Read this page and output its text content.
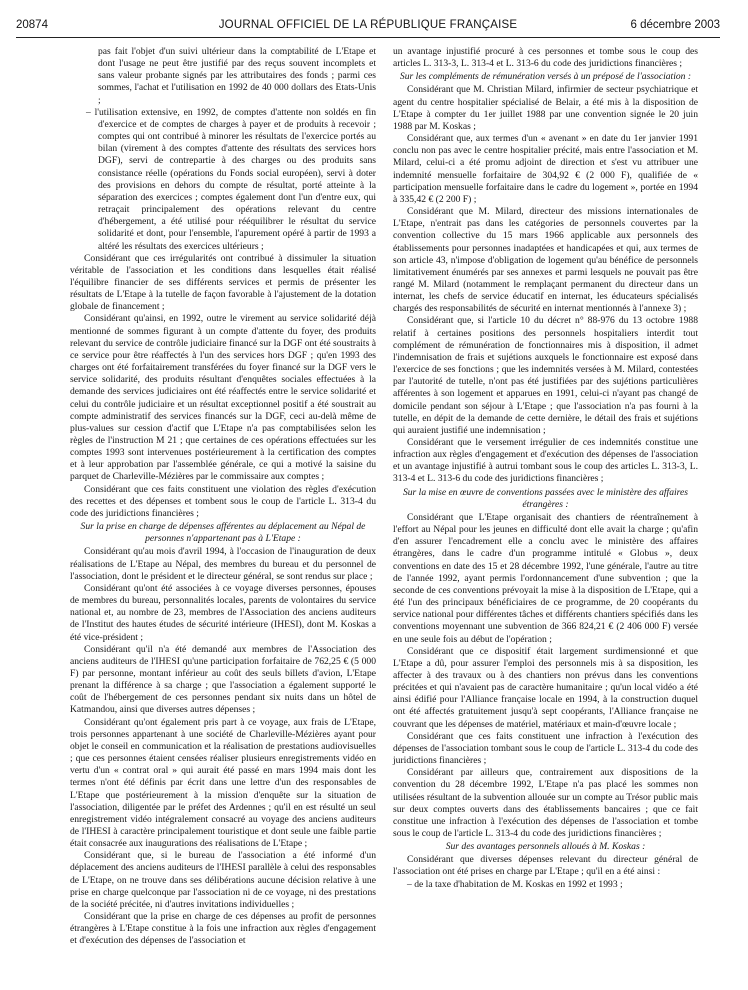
20874	JOURNAL OFFICIEL DE LA RÉPUBLIQUE FRANÇAISE	6 décembre 2003

pas fait l'objet d'un suivi ultérieur dans la comptabilité de L'Etape et dont l'usage ne peut être justifié par des reçus souvent incomplets et sans valeur probante signés par les attributaires des fonds ; parmi ces sommes, l'achat et l'utilisation en 1992 de 40 000 dollars des Etats-Unis ;

– l'utilisation extensive, en 1992, de comptes d'attente non soldés en fin d'exercice et de comptes de charges à payer et de produits à recevoir ; comptes qui ont contribué à minorer les résultats de l'exercice portés au bilan (virement à des comptes d'attente des résultats des services hors DGF), servi de contrepartie à des charges ou des produits sans consistance réelle (opérations du Fonds social européen), servi à doter des provisions en dehors du compte de résultat, porté atteinte à la séparation des exercices ; comptes également dont l'un d'entre eux, qui retraçait principalement des opérations relevant du centre d'hébergement, a été utilisé pour rééquilibrer le résultat du service solidarité et dont, pour l'ensemble, l'apurement opéré à partir de 1993 a altéré les résultats des exercices ultérieurs ;

Considérant que ces irrégularités ont contribué à dissimuler la situation véritable de l'association et les conditions dans lesquelles était réalisé l'équilibre financier de ses différents services et permis de présenter les résultats de L'Etape à la tutelle de façon favorable à l'ajustement de la dotation globale de financement ;

Considérant qu'ainsi, en 1992, outre le virement au service solidarité déjà mentionné de sommes figurant à un compte d'attente du foyer, des produits relevant du service de contrôle judiciaire financé sur la DGF ont été soustraits à ce service pour être réaffectés à l'un des services hors DGF ; qu'en 1993 des charges ont été forfaitairement transférées du foyer financé sur la DGF vers le service solidarité, des produits résultant d'enquêtes sociales effectuées à la demande des services judiciaires ont été réaffectés entre le service solidarité et celui du contrôle judiciaire et un résultat exceptionnel positif a été soustrait au compte administratif des services financés sur la DGF, ceci au-delà même de plus-values sur cession d'actif que L'Etape n'a pas comptabilisées selon les règles de l'instruction M 21 ; que certaines de ces opérations effectuées sur les comptes 1993 sont intervenues postérieurement à la certification des comptes et à leur approbation par l'assemblée générale, ce qui a motivé la saisine du parquet de Charleville-Mézières par le commissaire aux comptes ;

Considérant que ces faits constituent une violation des règles d'exécution des recettes et des dépenses et tombent sous le coup de l'article L. 313-4 du code des juridictions financières ;

Sur la prise en charge de dépenses afférentes au déplacement au Népal de personnes n'appartenant pas à L'Etape :

Considérant qu'au mois d'avril 1994, à l'occasion de l'inauguration de deux réalisations de L'Etape au Népal, des membres du bureau et du personnel de l'association, dont le président et le directeur général, se sont rendus sur place ;

Considérant qu'ont été associées à ce voyage diverses personnes, épouses de membres du bureau, personnalités locales, parents de volontaires du service national et, au nombre de 23, membres de l'Association des anciens auditeurs de l'Institut des hautes études de sécurité intérieure (IHESI), dont M. Koskas a été vice-président ;

Considérant qu'il n'a été demandé aux membres de l'Association des anciens auditeurs de l'IHESI qu'une participation forfaitaire de 762,25 € (5 000 F) par personne, montant inférieur au coût des seuls billets d'avion, L'Etape prenant la différence à sa charge ; que l'association a également supporté le coût de l'hébergement de ces personnes pendant six nuits dans un hôtel de Katmandou, ainsi que diverses autres dépenses ;

Considérant qu'ont également pris part à ce voyage, aux frais de L'Etape, trois personnes appartenant à une société de Charleville-Mézières ayant pour objet le conseil en communication et la réalisation de prestations audiovisuelles ; que ces personnes étaient censées réaliser plusieurs enregistrements vidéo en vertu d'un « contrat oral » qui aurait été passé en mars 1994 mais dont les termes n'ont été définis par écrit dans une lettre d'un des responsables de L'Etape que postérieurement à la mission d'enquête sur la situation de l'association, diligentée par le préfet des Ardennes ; qu'il en est résulté un seul enregistrement vidéo intégralement consacré au voyage des anciens auditeurs de l'IHESI à caractère principalement touristique et dont seule une faible partie était consacrée aux inaugurations des réalisations de L'Etape ;

Considérant que, si le bureau de l'association a été informé d'un déplacement des anciens auditeurs de l'IHESI parallèle à celui des responsables de L'Etape, on ne trouve dans ses délibérations aucune décision relative à une prise en charge quelconque par l'association ni de ce voyage, ni des prestations de la société précitée, ni d'autres invitations individuelles ;

Considérant que la prise en charge de ces dépenses au profit de personnes étrangères à L'Etape constitue à la fois une infraction aux règles d'engagement et d'exécution des dépenses de l'association et

un avantage injustifié procuré à ces personnes et tombe sous le coup des articles L. 313-3, L. 313-4 et L. 313-6 du code des juridictions financières ;

Sur les compléments de rémunération versés à un préposé de l'association :

Considérant que M. Christian Milard, infirmier de secteur psychiatrique et agent du centre hospitalier spécialisé de Belair, a été mis à la disposition de L'Etape à compter du 1er juillet 1988 par une convention signée le 20 juin 1988 par M. Koskas ;

Considérant que, aux termes d'un « avenant » en date du 1er janvier 1991 conclu non pas avec le centre hospitalier précité, mais entre l'association et M. Milard, celui-ci a été promu adjoint de direction et s'est vu attribuer une indemnité mensuelle forfaitaire de 304,92 € (2 000 F), qualifiée de « participation mensuelle forfaitaire dans le cadre du logement », portée en 1994 à 335,42 € (2 200 F) ;

Considérant que M. Milard, directeur des missions internationales de L'Etape, n'entrait pas dans les catégories de personnels couvertes par la convention collective du 15 mars 1966 applicable aux personnels des établissements pour personnes inadaptées et handicapées et qui, aux termes de son article 43, n'impose d'obligation de logement qu'au bénéfice de personnels limitativement énumérés par ses annexes et parmi lesquels ne pouvait pas être rangé M. Milard (notamment le remplaçant permanent du directeur dans un internat, les chefs de service éducatif en internat, les éducateurs spécialisés chargés des responsabilités de sécurité en internat mentionnés à l'annexe 3) ;

Considérant que, si l'article 10 du décret n° 88-976 du 13 octobre 1988 relatif à certaines positions des personnels hospitaliers interdit tout complément de rémunération de fonctionnaires mis à disposition, il admet l'indemnisation de frais et sujétions auxquels le fonctionnaire est exposé dans l'exercice de ses fonctions ; que les indemnités versées à M. Milard, contestées par l'autorité de tutelle, n'ont pas été justifiées par des sujétions particulières afférentes à son logement et apparues en 1991, celui-ci n'ayant pas changé de domicile pendant son séjour à L'Etape ; que l'association n'a pas fourni à la tutelle, en dépit de la demande de cette dernière, le détail des frais et sujétions qui auraient justifié une indemnisation ;

Considérant que le versement irrégulier de ces indemnités constitue une infraction aux règles d'engagement et d'exécution des dépenses de l'association et un avantage injustifié à autrui tombant sous le coup des articles L. 313-3, L. 313-4 et L. 313-6 du code des juridictions financières ;

Sur la mise en œuvre de conventions passées avec le ministère des affaires étrangères :

Considérant que L'Etape organisait des chantiers de réentraînement à l'effort au Népal pour les jeunes en difficulté dont elle avait la charge ; qu'afin d'en assurer l'encadrement elle a conclu avec le ministère des affaires étrangères, dans le cadre d'un programme intitulé « Globus », deux conventions en date des 15 et 28 décembre 1992, l'une générale, l'autre au titre de l'année 1992, ayant permis l'ordonnancement d'une subvention ; que la seconde de ces conventions prévoyait la mise à la disposition de L'Etape, qui a été l'un des principaux bénéficiaires de ce programme, de 20 coopérants du service national pour différentes tâches et différents chantiers spécifiés dans les conventions moyennant une subvention de 366 824,21 € (2 406 000 F) versée en une seule fois au début de l'opération ;

Considérant que ce dispositif était largement surdimensionné et que L'Etape a dû, pour assurer l'emploi des personnels mis à sa disposition, les affecter à des travaux ou à des chantiers non prévus dans les conventions précitées et qui n'avaient pas de caractère humanitaire ; qu'un local vidéo a été ainsi édifié pour l'Alliance française locale en 1994, à la construction duquel ont été affectés gratuitement jusqu'à sept coopérants, l'Alliance française ne couvrant que les dépenses de matériel, matériaux et main-d'œuvre locale ;

Considérant que ces faits constituent une infraction à l'exécution des dépenses de l'association tombant sous le coup de l'article L. 313-4 du code des juridictions financières ;

Considérant par ailleurs que, contrairement aux dispositions de la convention du 28 décembre 1992, L'Etape n'a pas placé les sommes non utilisées résultant de la subvention allouée sur un compte au Trésor public mais sur deux comptes ouverts dans des établissements bancaires ; que ce fait constitue une infraction à l'exécution des dépenses de l'association et tombe sous le coup de l'article L. 313-4 du code des juridictions financières ;

Sur des avantages personnels alloués à M. Koskas :

Considérant que diverses dépenses relevant du directeur général de l'association ont été prises en charge par L'Etape ; qu'il en a été ainsi :

– de la taxe d'habitation de M. Koskas en 1992 et 1993 ;
